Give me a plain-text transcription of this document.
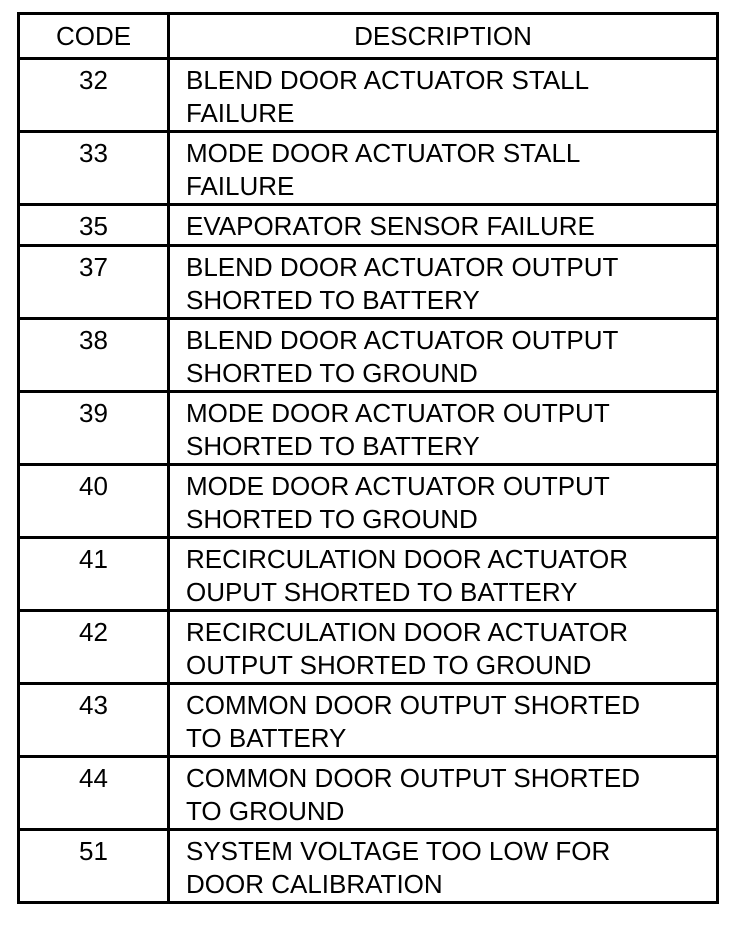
CODE	DESCRIPTION
32	BLEND DOOR ACTUATOR STALL
FAILURE
33	MODE DOOR ACTUATOR STALL
FAILURE
35	EVAPORATOR SENSOR FAILURE
37	BLEND DOOR ACTUATOR OUTPUT
SHORTED TO BATTERY
38	BLEND DOOR ACTUATOR OUTPUT
SHORTED TO GROUND
39	MODE DOOR ACTUATOR OUTPUT
SHORTED TO BATTERY
40	MODE DOOR ACTUATOR OUTPUT
SHORTED TO GROUND
41	RECIRCULATION DOOR ACTUATOR
OUPUT SHORTED TO BATTERY
42	RECIRCULATION DOOR ACTUATOR
OUTPUT SHORTED TO GROUND
43	COMMON DOOR OUTPUT SHORTED
TO BATTERY
44	COMMON DOOR OUTPUT SHORTED
TO GROUND
51	SYSTEM VOLTAGE TOO LOW FOR
DOOR CALIBRATION
